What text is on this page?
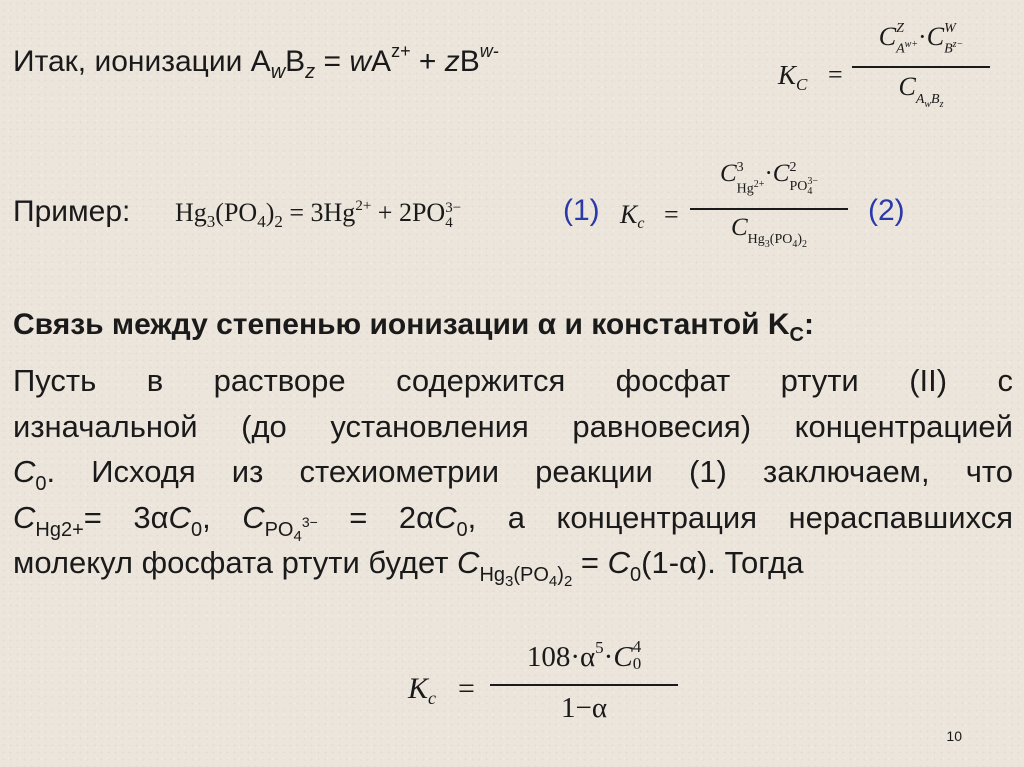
Итак, ионизации $A_wB_z = wA^{z+} + zB^{w-}$
$K_C$ =
C Z
$A^{w+} \cdot C$ W
$B^{z-}$
$C_{A_wB_z}$
Пример: $Hg_3(PO_4)_2 = 3Hg^{2+} + 2PO$ 3−
4	(1) $K_c$ =
C 3
$Hg^{2+} \cdot C$ 2
PO 3−
4
$C_{Hg_3(PO_4)_2}$
(2)
Связь между степенью ионизации α и константой $K_C$:
Пусть в растворе содержится фосфат ртути (II) с
изначальной (до установления равновесия) концентрацией
$C_0$. Исходя из стехиометрии реакции (1) заключаем, что
$C_{Hg2+}= 3\alpha C_0$, $C_{PO_4^{3-}} = 2\alpha C_0$, а концентрация нераспавшихся
молекул фосфата ртути будет $C_{Hg_3(PO_4)_2} = C_0(1-\alpha)$. Тогда
$K_c$ =
$108\cdot\alpha^5\cdot C$ 4
0
1−α
10
